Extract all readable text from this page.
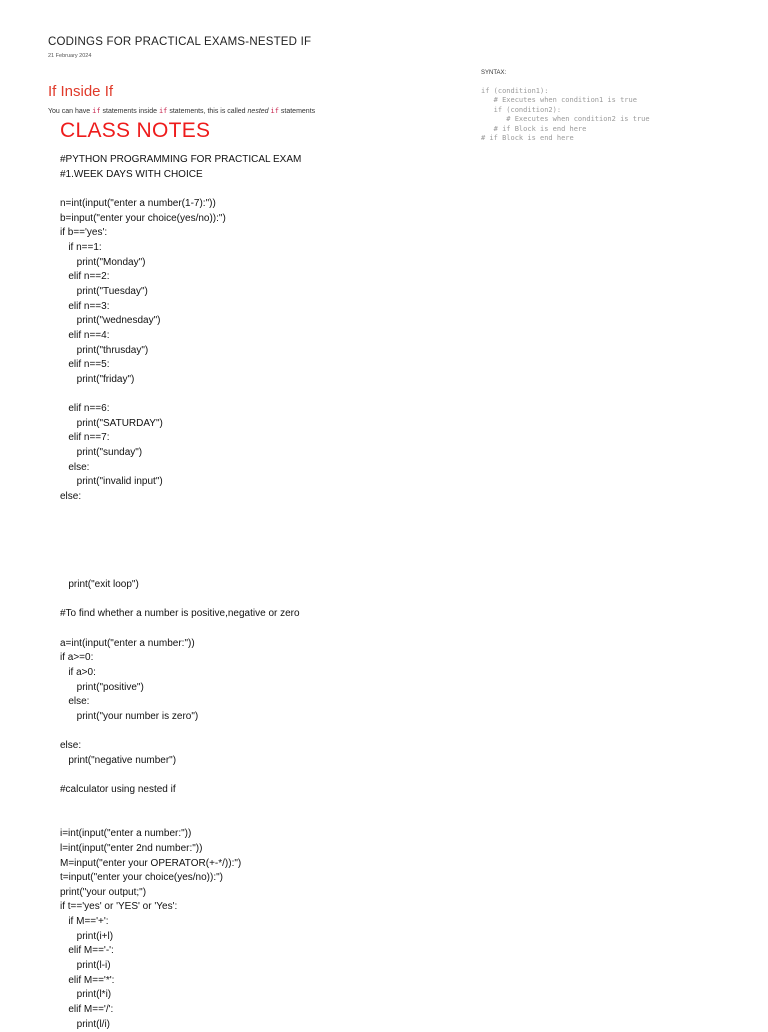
CODINGS FOR PRACTICAL EXAMS-NESTED IF
21 February 2024
SYNTAX:
if (condition1):
# Executes when condition1 is true
if (condition2):
# Executes when condition2 is true
# if Block is end here
# if Block is end here
If Inside If
You can have if statements inside if statements, this is called nested if statements
CLASS NOTES
#PYTHON PROGRAMMING FOR PRACTICAL EXAM
#1.WEEK DAYS WITH CHOICE

n=int(input("enter a number(1-7):"))
b=input("enter your choice(yes/no)):")
if b=='yes':
if n==1:
print("Monday")
elif n==2:
print("Tuesday")
elif n==3:
print("wednesday")
elif n==4:
print("thrusday")
elif n==5:
print("friday")

elif n==6:
print("SATURDAY")
elif n==7:
print("sunday")
else:
print("invalid input")
else:

print("exit loop")

#To find whether a number is positive,negative or zero

a=int(input("enter a number:"))
if a>=0:
if a>0:
print("positive")
else:
print("your number is zero")

else:
print("negative number")

#calculator using nested if

i=int(input("enter a number:"))
l=int(input("enter 2nd number:"))
M=input("enter your OPERATOR(+-*/)):")
t=input("enter your choice(yes/no)):")
print("your output;")
if t=='yes' or 'YES' or 'Yes':
if M=='+':
print(i+l)
elif M=='-':
print(l-i)
elif M=='*':
print(l*i)
elif M=='/':
print(l/i)
